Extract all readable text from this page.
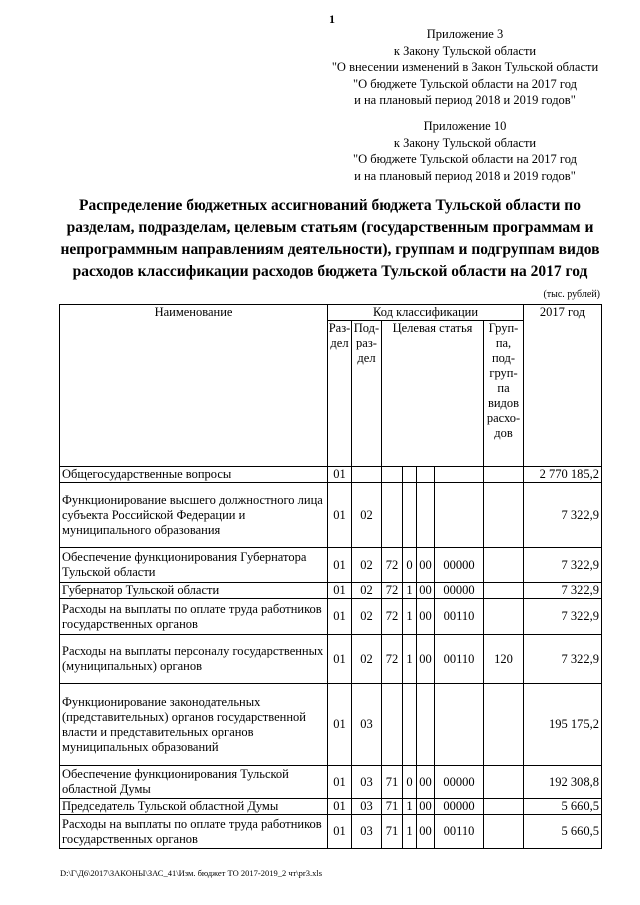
1
Приложение 3
к Закону Тульской области
"О внесении изменений в Закон Тульской области
"О бюджете Тульской области на 2017 год
и на плановый период 2018 и 2019 годов"
Приложение 10
к Закону Тульской области
"О бюджете Тульской области на 2017 год
и на плановый период 2018 и 2019 годов"
Распределение бюджетных ассигнований бюджета Тульской области по разделам, подразделам, целевым статьям (государственным программам и непрограммным направлениям деятельности), группам и подгруппам видов расходов классификации расходов бюджета Тульской области на 2017 год
(тыс. рублей)
Наименование	Код классификации							2017 год
	Раз-дел	Под-раз-дел	Целевая статья				Груп-па, под-груп-па видов расхо-дов	
Общегосударственные вопросы	01							2 770 185,2
Функционирование высшего должностного лица субъекта Российской Федерации и муниципального образования	01	02						7 322,9
Обеспечение функционирования Губернатора Тульской области	01	02	72	0	00	00000		7 322,9
Губернатор Тульской области	01	02	72	1	00	00000		7 322,9
Расходы на выплаты по оплате труда работников государственных органов	01	02	72	1	00	00110		7 322,9
Расходы на выплаты персоналу государственных (муниципальных) органов	01	02	72	1	00	00110	120	7 322,9
Функционирование законодательных (представительных) органов государственной власти и представительных органов муниципальных образований	01	03						195 175,2
Обеспечение функционирования Тульской областной Думы	01	03	71	0	00	00000		192 308,8
Председатель Тульской областной Думы	01	03	71	1	00	00000		5 660,5
Расходы на выплаты по оплате труда работников государственных органов	01	03	71	1	00	00110		5 660,5
D:\Г\Д6\2017\ЗАКОНЫ\ЗАС_41\Изм. бюджет ТО 2017-2019_2 чт\pr3.xls
